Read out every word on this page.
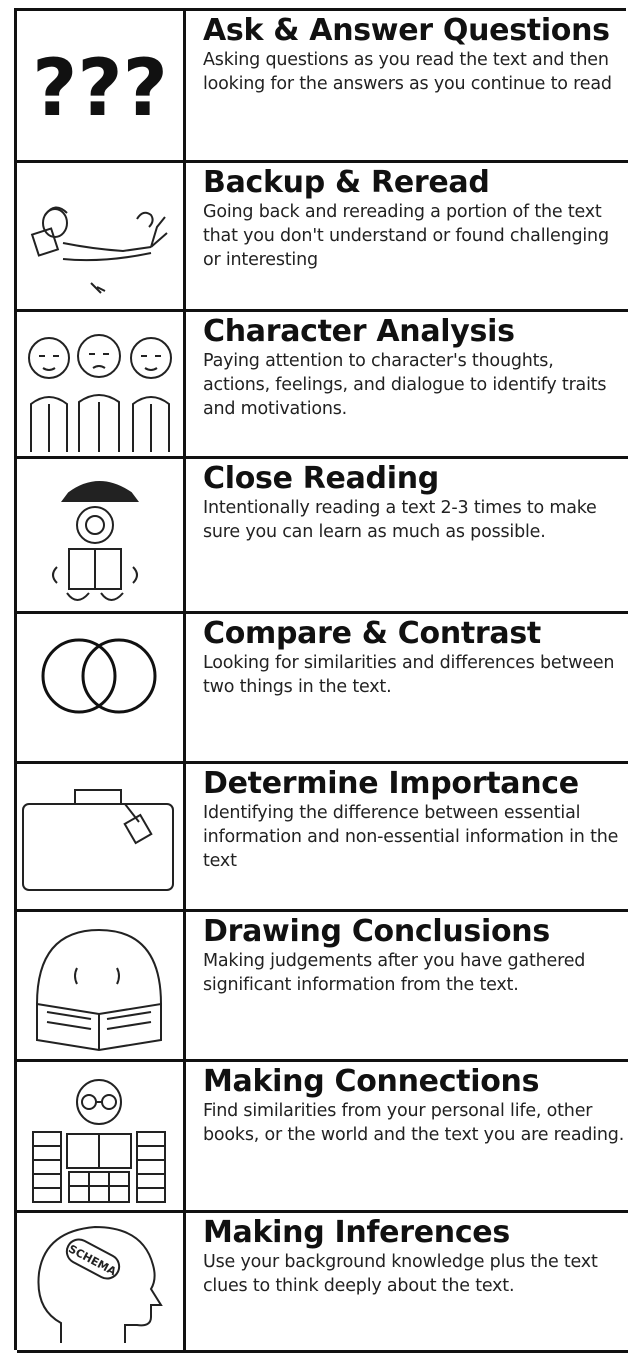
???
Ask & Answer Questions
Asking questions as you read the text and then looking for the answers as you continue to read
Backup & Reread
Going back and rereading a portion of the text that you don't understand or found challenging or interesting
Character Analysis
Paying attention to character's thoughts, actions, feelings, and dialogue to identify traits and motivations.
Close Reading
Intentionally reading a text 2-3 times to make sure you can learn as much as possible.
Compare & Contrast
Looking for similarities and differences between two things in the text.
Determine Importance
Identifying the difference between essential information and non-essential information in the text
Drawing Conclusions
Making judgements after you have gathered significant information from the text.
Making Connections
Find similarities from your personal life, other books, or the world and the text you are reading.
SCHEMA
Making Inferences
Use your background knowledge plus the text clues to think deeply about the text.
